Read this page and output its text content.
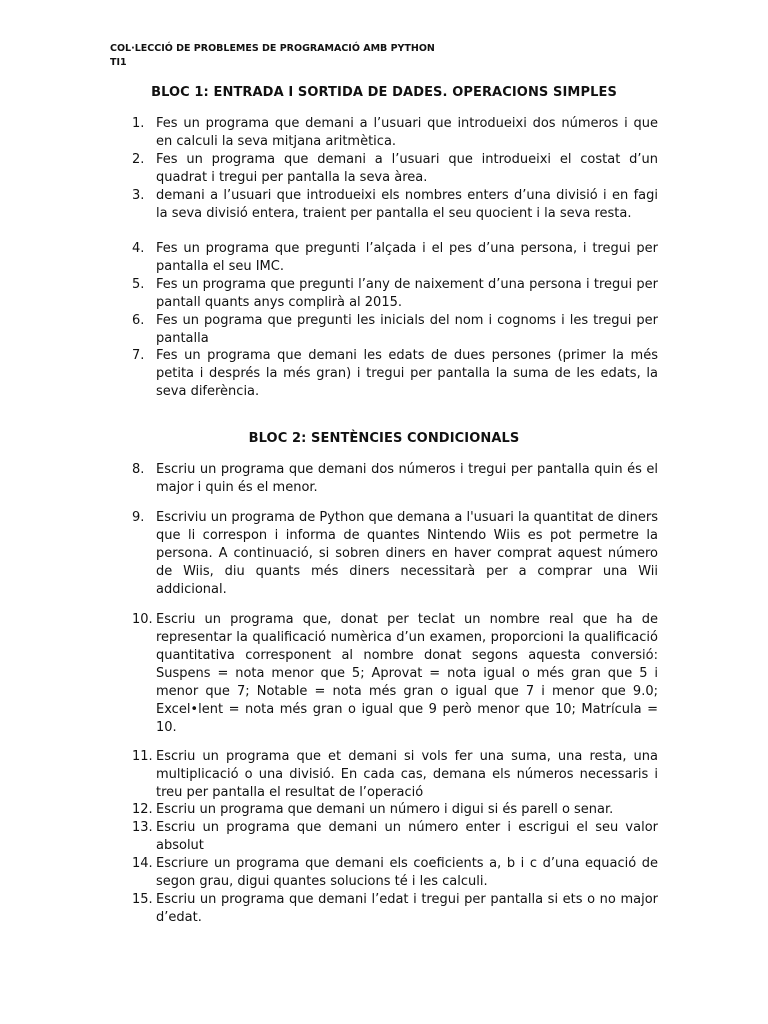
COL·LECCIÓ DE PROBLEMES DE PROGRAMACIÓ AMB PYTHON
TI1
BLOC 1: ENTRADA I SORTIDA DE DADES. OPERACIONS SIMPLES
1. Fes un programa que demani a l’usuari que introdueixi dos números i que en calculi la seva mitjana aritmètica.
2. Fes un programa que demani a l’usuari que introdueixi el costat d’un quadrat i tregui per pantalla la seva àrea.
3. demani a l’usuari que introdueixi els nombres enters d’una divisió i en fagi la seva divisió entera, traient per pantalla el seu quocient i la seva resta.
4. Fes un programa que pregunti l’alçada i el pes d’una persona, i tregui per pantalla el seu IMC.
5. Fes un programa que pregunti l’any de naixement d’una persona i tregui per pantall quants anys complirà al 2015.
6. Fes un pograma que pregunti les inicials del nom i cognoms i les tregui per pantalla
7. Fes un programa que demani les edats de dues persones (primer la més petita i després la més gran) i tregui per pantalla la suma de les edats, la seva diferència.
BLOC 2: SENTÈNCIES CONDICIONALS
8. Escriu un programa que demani dos números i tregui per pantalla quin és el major i quin és el menor.
9. Escriviu un programa de Python que demana a l'usuari la quantitat de diners que li correspon i informa de quantes Nintendo Wiis es pot permetre la persona. A continuació, si sobren diners en haver comprat aquest número de Wiis, diu quants més diners necessitarà per a comprar una Wii addicional.
10. Escriu un programa que, donat per teclat un nombre real que ha de representar la qualificació numèrica d’un examen, proporcioni la qualificació quantitativa corresponent al nombre donat segons aquesta conversió: Suspens = nota menor que 5; Aprovat = nota igual o més gran que 5 i menor que 7; Notable = nota més gran o igual que 7 i menor que 9.0; Excel•lent = nota més gran o igual que 9 però menor que 10; Matrícula = 10.
11. Escriu un programa que et demani si vols fer una suma, una resta, una multiplicació o una divisió. En cada cas, demana els números necessaris i treu per pantalla el resultat de l’operació
12. Escriu un programa que demani un número i digui si és parell o senar.
13. Escriu un programa que demani un número enter i escrigui el seu valor absolut
14. Escriure un programa que demani els coeficients a, b i c d’una equació de segon grau, digui quantes solucions té i les calculi.
15. Escriu un programa que demani l’edat i tregui per pantalla si ets o no major d’edat.
